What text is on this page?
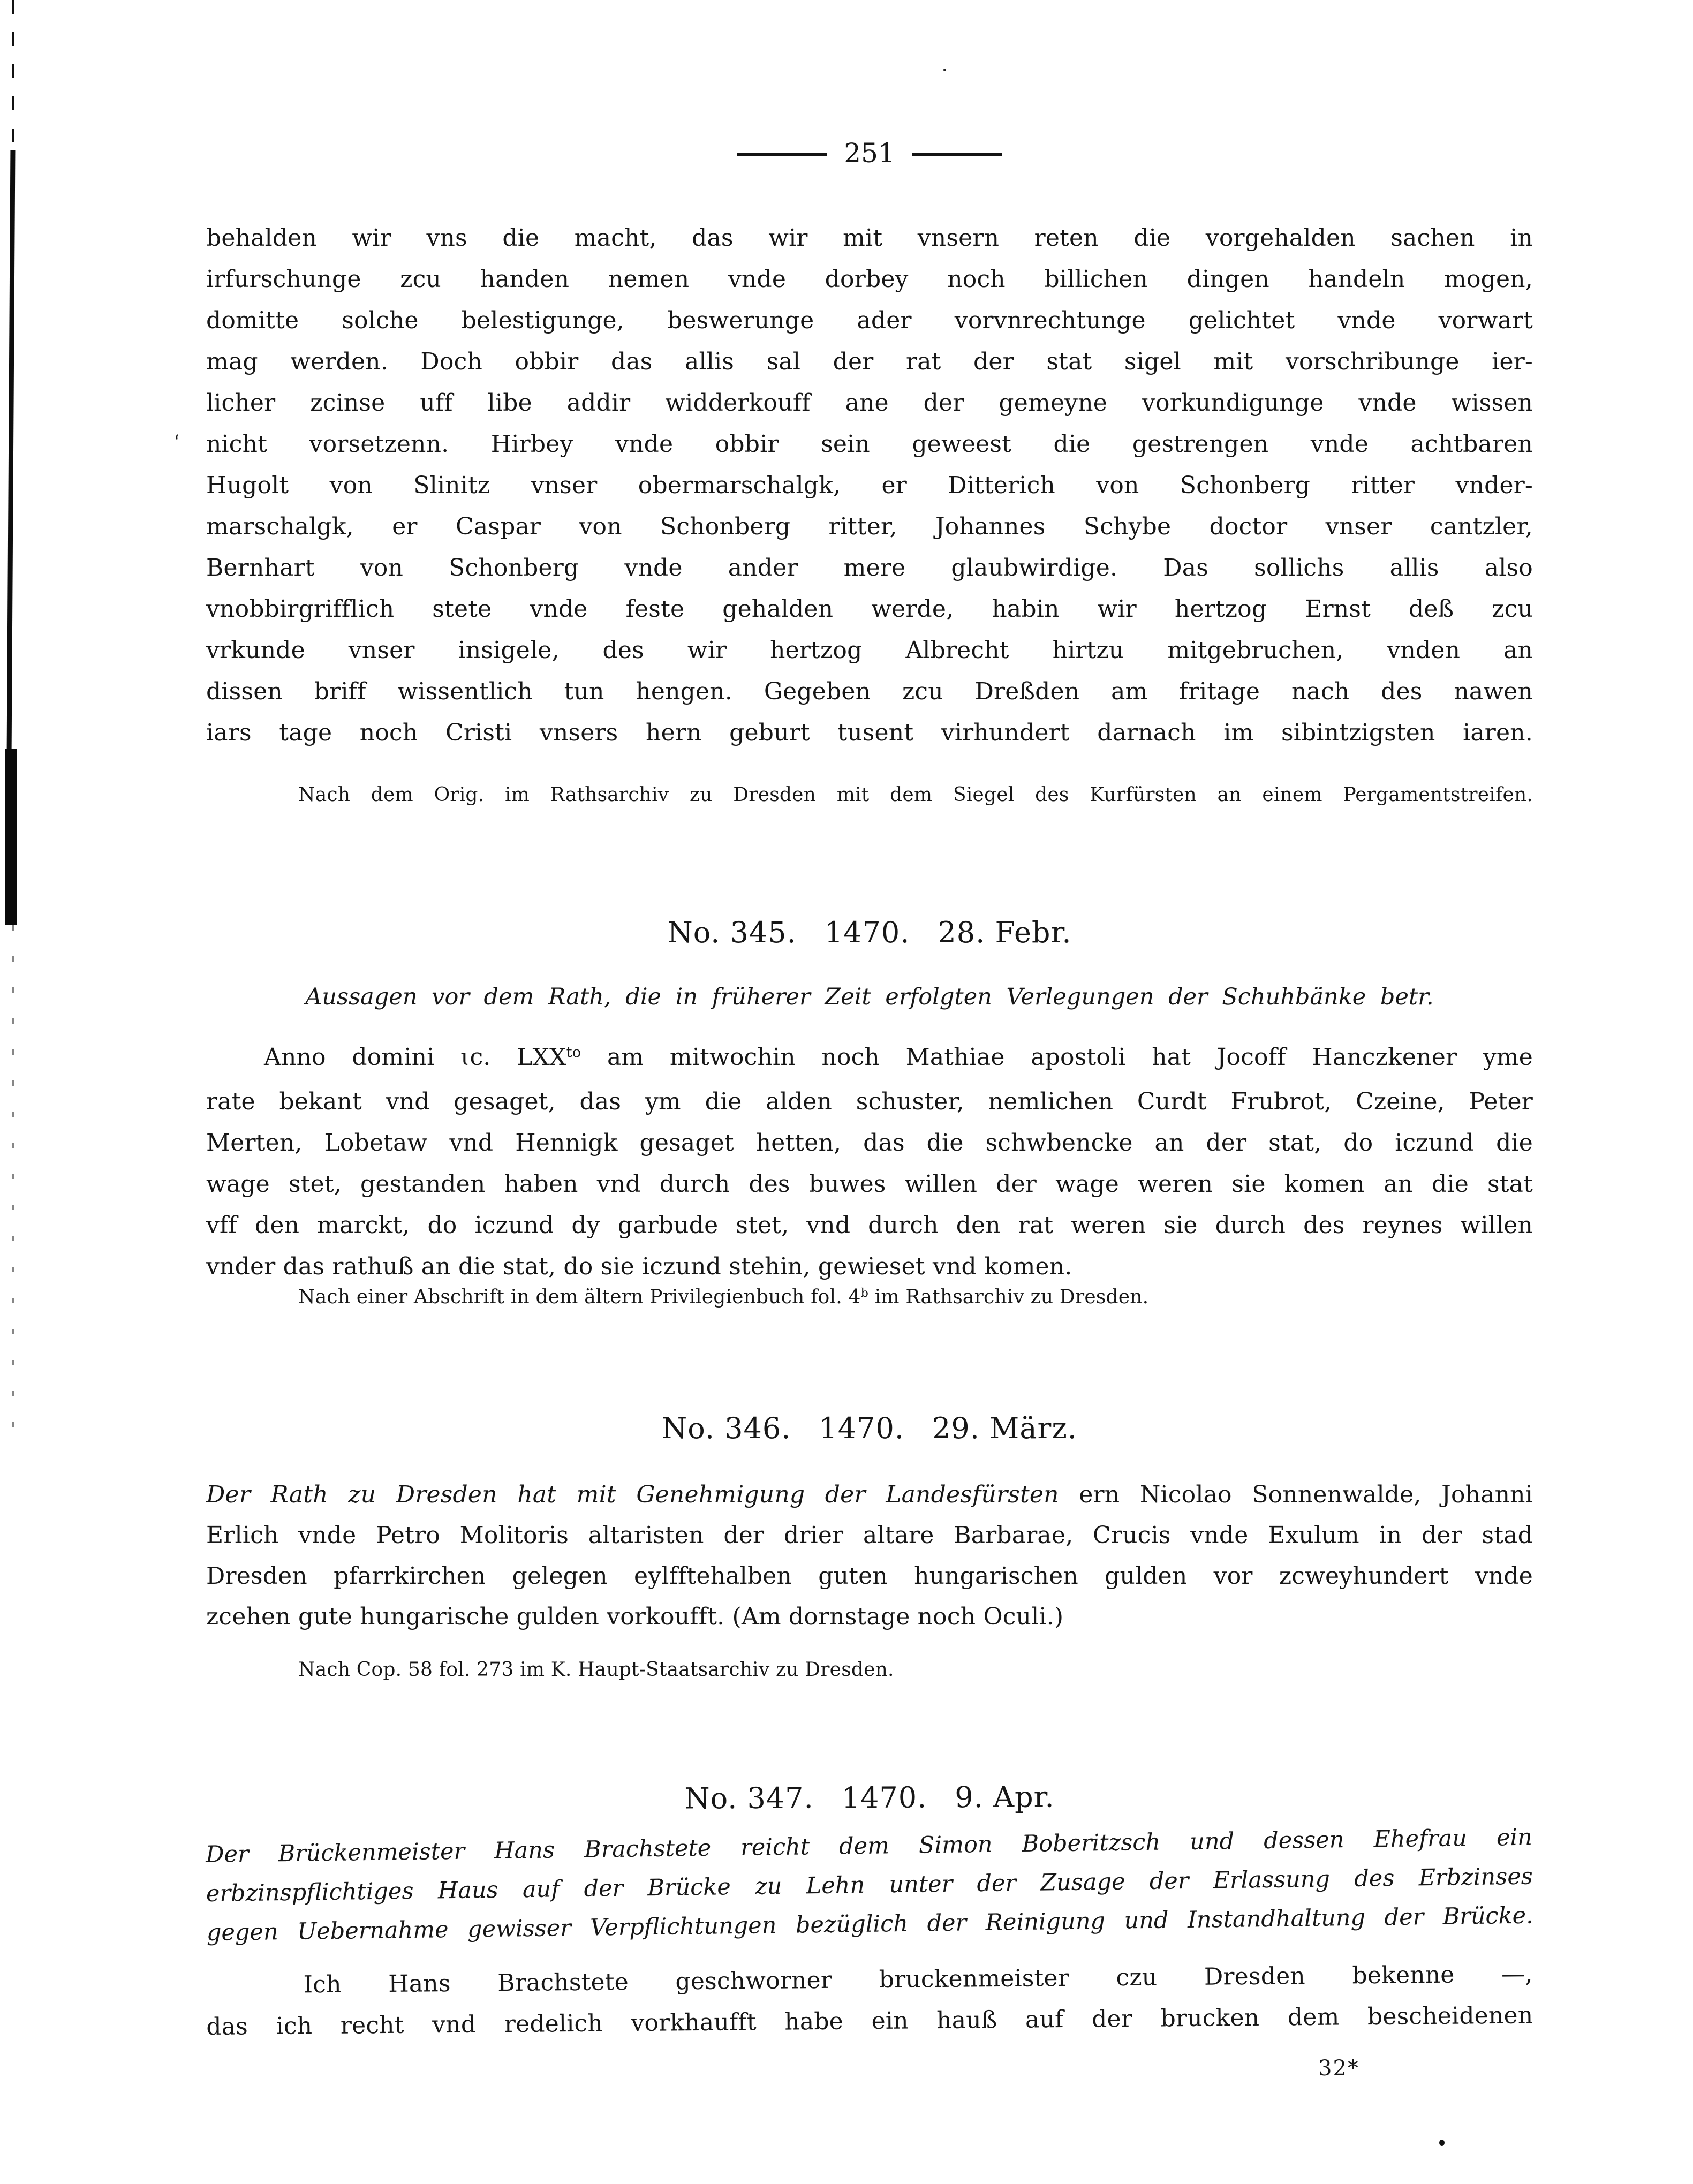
‘
251
behalden wir vns die macht, das wir mit vnsern reten die vorgehalden sachen in
irfurschunge zcu handen nemen vnde dorbey noch billichen dingen handeln mogen,
domitte solche belestigunge, beswerunge ader vorvnrechtunge gelichtet vnde vorwart
mag werden. Doch obbir das allis sal der rat der stat sigel mit vorschribunge ier-
licher zcinse uff libe addir widderkouff ane der gemeyne vorkundigunge vnde wissen
nicht vorsetzenn. Hirbey vnde obbir sein geweest die gestrengen vnde achtbaren
Hugolt von Slinitz vnser obermarschalgk, er Ditterich von Schonberg ritter vnder-
marschalgk, er Caspar von Schonberg ritter, Johannes Schybe doctor vnser cantzler,
Bernhart von Schonberg vnde ander mere glaubwirdige. Das sollichs allis also
vnobbirgrifflich stete vnde feste gehalden werde, habin wir hertzog Ernst deß zcu
vrkunde vnser insigele, des wir hertzog Albrecht hirtzu mitgebruchen, vnden an
dissen briff wissentlich tun hengen. Gegeben zcu Dreßden am fritage nach des nawen
iars tage noch Cristi vnsers hern geburt tusent virhundert darnach im sibintzigsten iaren.
Nach dem Orig. im Rathsarchiv zu Dresden mit dem Siegel des Kurfürsten an einem Pergamentstreifen.
No. 345. 1470. 28. Febr.
Aussagen vor dem Rath, die in früherer Zeit erfolgten Verlegungen der Schuhbänke betr.
Anno domini ɩc. $LXX^{to}$ am mitwochin noch Mathiae apostoli hat Jocoff Hanczkener yme
rate bekant vnd gesaget, das ym die alden schuster, nemlichen Curdt Frubrot, Czeine, Peter
Merten, Lobetaw vnd Hennigk gesaget hetten, das die schwbencke an der stat, do iczund die
wage stet, gestanden haben vnd durch des buwes willen der wage weren sie komen an die stat
vff den marckt, do iczund dy garbude stet, vnd durch den rat weren sie durch des reynes willen
vnder das rathuß an die stat, do sie iczund stehin, gewieset vnd komen.
Nach einer Abschrift in dem ältern Privilegienbuch fol. 4$^b$ im Rathsarchiv zu Dresden.
No. 346. 1470. 29. März.
Der Rath zu Dresden hat mit Genehmigung der Landesfürsten ern Nicolao Sonnenwalde, Johanni
Erlich vnde Petro Molitoris altaristen der drier altare Barbarae, Crucis vnde Exulum in der stad
Dresden pfarrkirchen gelegen eylfftehalben guten hungarischen gulden vor zcweyhundert vnde
zcehen gute hungarische gulden vorkoufft. (Am dornstage noch Oculi.)
Nach Cop. 58 fol. 273 im K. Haupt-Staatsarchiv zu Dresden.
No. 347. 1470. 9. Apr.
Der Brückenmeister Hans Brachstete reicht dem Simon Boberitzsch und dessen Ehefrau ein
erbzinspflichtiges Haus auf der Brücke zu Lehn unter der Zusage der Erlassung des Erbzinses
gegen Uebernahme gewisser Verpflichtungen bezüglich der Reinigung und Instandhaltung der Brücke.
Ich Hans Brachstete geschworner bruckenmeister czu Dresden bekenne —,
das ich recht vnd redelich vorkhaufft habe ein hauß auf der brucken dem bescheidenen
32*
